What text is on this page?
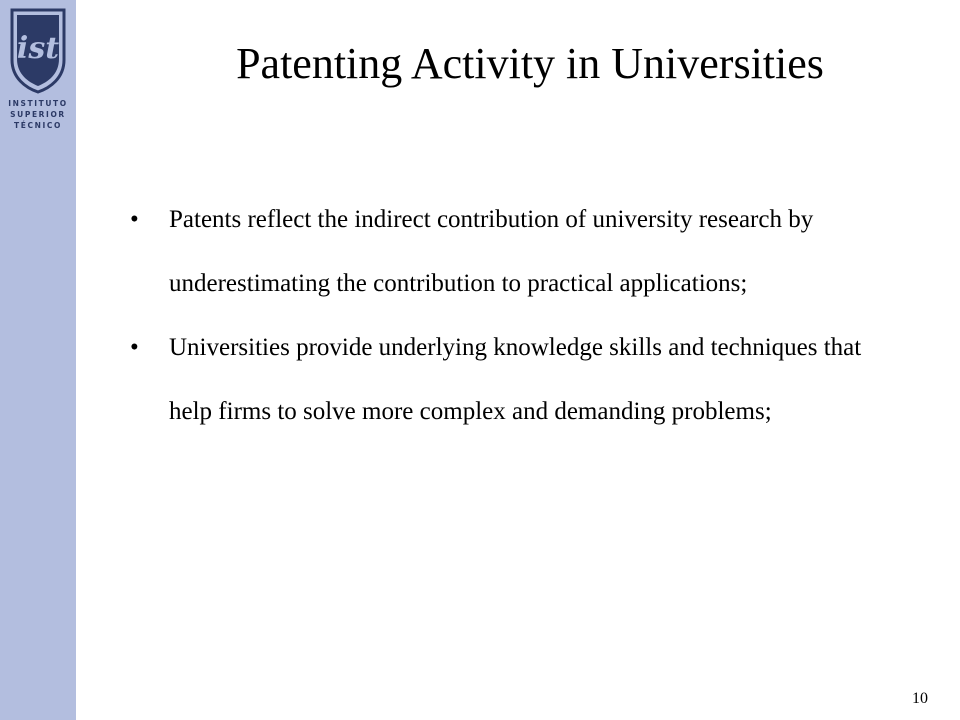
ist
INSTITUTO
SUPERIOR
TÉCNICO
Patenting Activity in Universities
• Patents reflect the indirect contribution of university research by underestimating the contribution to practical applications;
• Universities provide underlying knowledge skills and techniques that help firms to solve more complex and demanding problems;
10
